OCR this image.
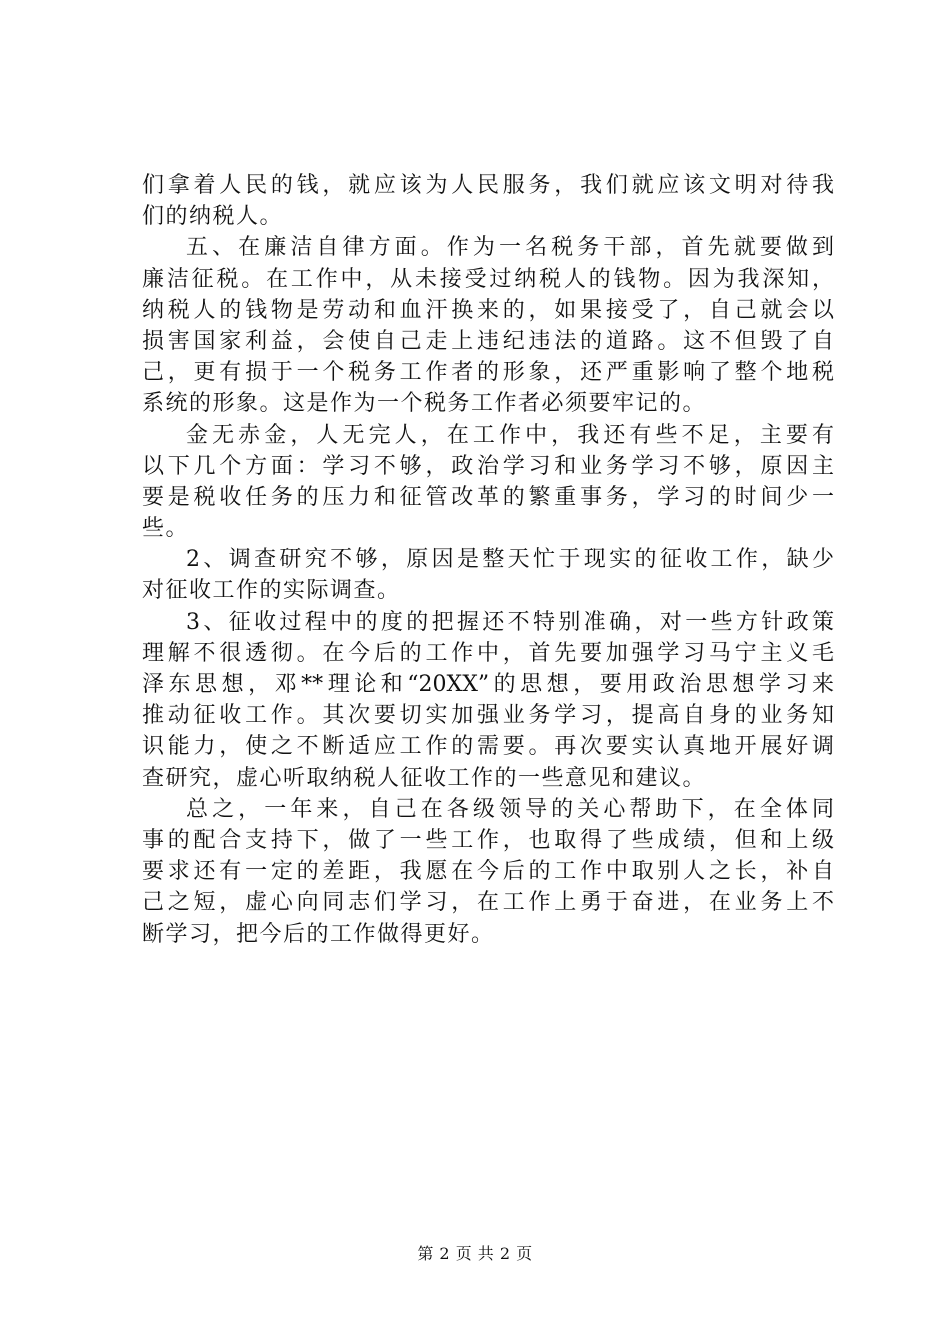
们拿着人民的钱，就应该为人民服务，我们就应该文明对待我
们的纳税人。
五、在廉洁自律方面。作为一名税务干部，首先就要做到
廉洁征税。在工作中，从未接受过纳税人的钱物。因为我深知，
纳税人的钱物是劳动和血汗换来的，如果接受了，自己就会以
损害国家利益，会使自己走上违纪违法的道路。这不但毁了自
己，更有损于一个税务工作者的形象，还严重影响了整个地税
系统的形象。这是作为一个税务工作者必须要牢记的。
金无赤金，人无完人，在工作中，我还有些不足，主要有
以下几个方面：学习不够，政治学习和业务学习不够，原因主
要是税收任务的压力和征管改革的繁重事务，学习的时间少一
些。
2、调查研究不够，原因是整天忙于现实的征收工作，缺少
对征收工作的实际调查。
3、征收过程中的度的把握还不特别准确，对一些方针政策
理解不很透彻。在今后的工作中，首先要加强学习马宁主义毛
泽东思想，邓**理论和“20XX”的思想，要用政治思想学习来
推动征收工作。其次要切实加强业务学习，提高自身的业务知
识能力，使之不断适应工作的需要。再次要实认真地开展好调
查研究，虚心听取纳税人征收工作的一些意见和建议。
总之，一年来，自己在各级领导的关心帮助下，在全体同
事的配合支持下，做了一些工作，也取得了些成绩，但和上级
要求还有一定的差距，我愿在今后的工作中取别人之长，补自
己之短，虚心向同志们学习，在工作上勇于奋进，在业务上不
断学习，把今后的工作做得更好。
第 2 页 共 2 页
